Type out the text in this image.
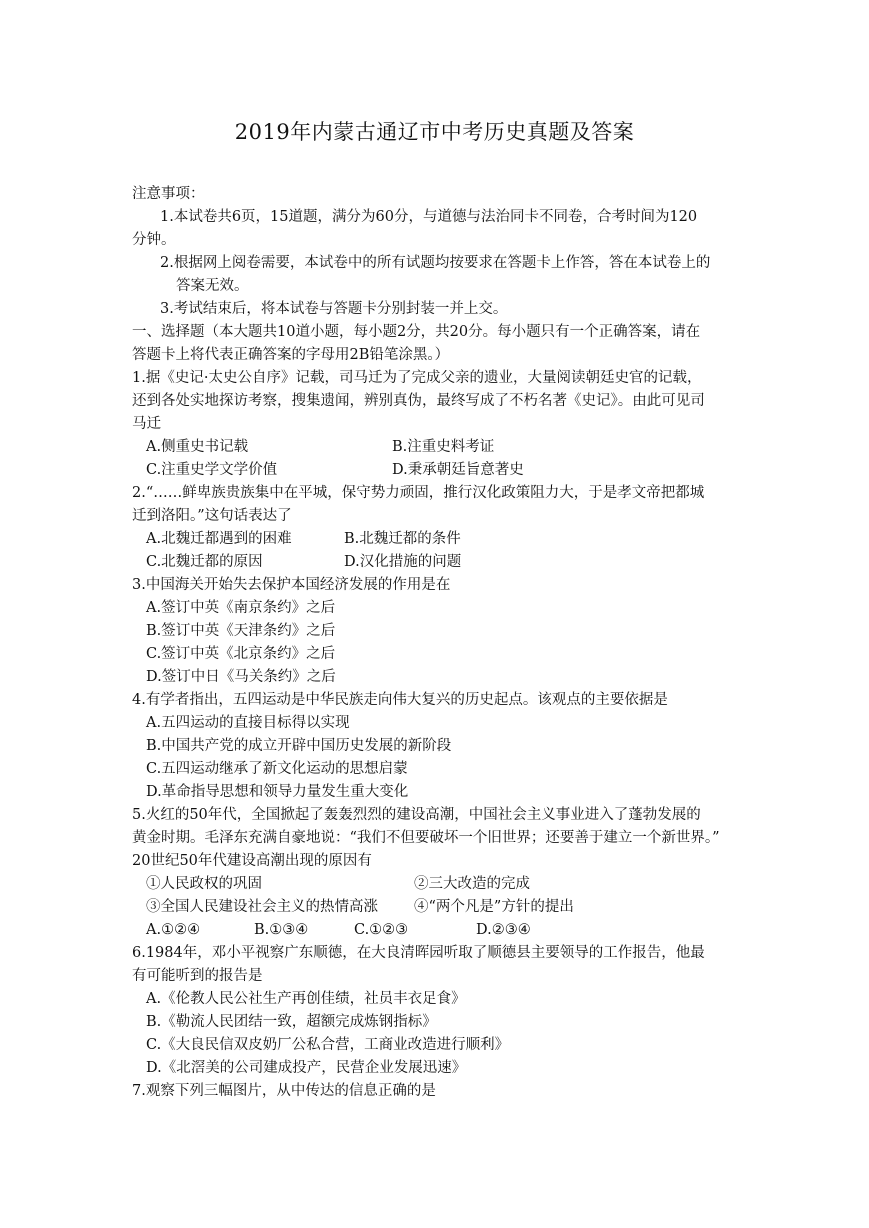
2019年内蒙古通辽市中考历史真题及答案
注意事项：
1.本试卷共6页，15道题，满分为60分，与道德与法治同卡不同卷，合考时间为120
分钟。
2.根据网上阅卷需要，本试卷中的所有试题均按要求在答题卡上作答，答在本试卷上的
答案无效。
3.考试结束后，将本试卷与答题卡分别封装一并上交。
一、选择题（本大题共10道小题，每小题2分，共20分。每小题只有一个正确答案，请在
答题卡上将代表正确答案的字母用2B铅笔涂黑。）
1.据《史记·太史公自序》记载，司马迁为了完成父亲的遗业，大量阅读朝廷史官的记载，
还到各处实地探访考察，搜集遗闻，辨别真伪，最终写成了不朽名著《史记》。由此可见司
马迁
A.侧重史书记载	B.注重史料考证
C.注重史学文学价值	D.秉承朝廷旨意著史
2.“……鲜卑族贵族集中在平城，保守势力顽固，推行汉化政策阻力大，于是孝文帝把都城
迁到洛阳。”这句话表达了
A.北魏迁都遇到的困难	B.北魏迁都的条件
C.北魏迁都的原因	D.汉化措施的问题
3.中国海关开始失去保护本国经济发展的作用是在
A.签订中英《南京条约》之后
B.签订中英《天津条约》之后
C.签订中英《北京条约》之后
D.签订中日《马关条约》之后
4.有学者指出，五四运动是中华民族走向伟大复兴的历史起点。该观点的主要依据是
A.五四运动的直接目标得以实现
B.中国共产党的成立开辟中国历史发展的新阶段
C.五四运动继承了新文化运动的思想启蒙
D.革命指导思想和领导力量发生重大变化
5.火红的50年代，全国掀起了轰轰烈烈的建设高潮，中国社会主义事业进入了蓬勃发展的
黄金时期。毛泽东充满自豪地说：“我们不但要破坏一个旧世界；还要善于建立一个新世界。”
20世纪50年代建设高潮出现的原因有
①人民政权的巩固	②三大改造的完成
③全国人民建设社会主义的热情高涨 ④“两个凡是”方针的提出
A.①②④	B.①③④	C.①②③	D.②③④
6.1984年，邓小平视察广东顺德，在大良清晖园听取了顺德县主要领导的工作报告，他最
有可能听到的报告是
A.《伦教人民公社生产再创佳绩，社员丰衣足食》
B.《勒流人民团结一致，超额完成炼钢指标》
C.《大良民信双皮奶厂公私合营，工商业改造进行顺利》
D.《北滘美的公司建成投产，民营企业发展迅速》
7.观察下列三幅图片，从中传达的信息正确的是
